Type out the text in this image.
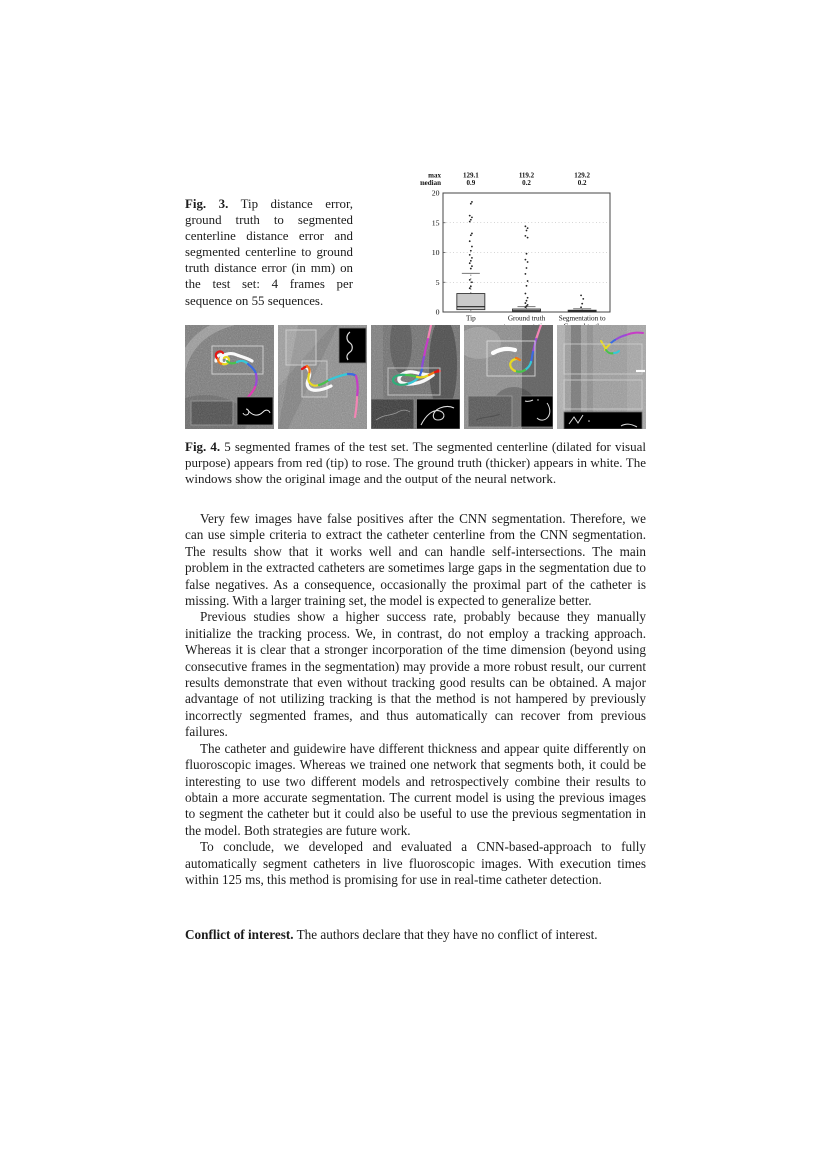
Fig. 3. Tip distance error, ground truth to segmented centerline distance error and segmented centerline to ground truth distance error (in mm) on the test set: 4 frames per sequence on 55 sequences.
0
5
10
15
20
max
median
129.1
0.9
Tip
119.2
0.2
Ground truth
129.2
0.2
Segmentation to
Fig. 4. 5 segmented frames of the test set. The segmented centerline (dilated for visual purpose) appears from red (tip) to rose. The ground truth (thicker) appears in white. The windows show the original image and the output of the neural network.

Very few images have false positives after the CNN segmentation. Therefore, we can use simple criteria to extract the catheter centerline from the CNN segmentation. The results show that it works well and can handle self-intersections. The main problem in the extracted catheters are sometimes large gaps in the segmentation due to false negatives. As a consequence, occasionally the proximal part of the catheter is missing. With a larger training set, the model is expected to generalize better.

Previous studies show a higher success rate, probably because they manually initialize the tracking process. We, in contrast, do not employ a tracking approach. Whereas it is clear that a stronger incorporation of the time dimension (beyond using consecutive frames in the segmentation) may provide a more robust result, our current results demonstrate that even without tracking good results can be obtained. A major advantage of not utilizing tracking is that the method is not hampered by previously incorrectly segmented frames, and thus automatically can recover from previous failures.

The catheter and guidewire have different thickness and appear quite differently on fluoroscopic images. Whereas we trained one network that segments both, it could be interesting to use two different models and retrospectively combine their results to obtain a more accurate segmentation. The current model is using the previous images to segment the catheter but it could also be useful to use the previous segmentation in the model. Both strategies are future work.

To conclude, we developed and evaluated a CNN-based-approach to fully automatically segment catheters in live fluoroscopic images. With execution times within 125 ms, this method is promising for use in real-time catheter detection.

Conflict of interest. The authors declare that they have no conflict of interest.
